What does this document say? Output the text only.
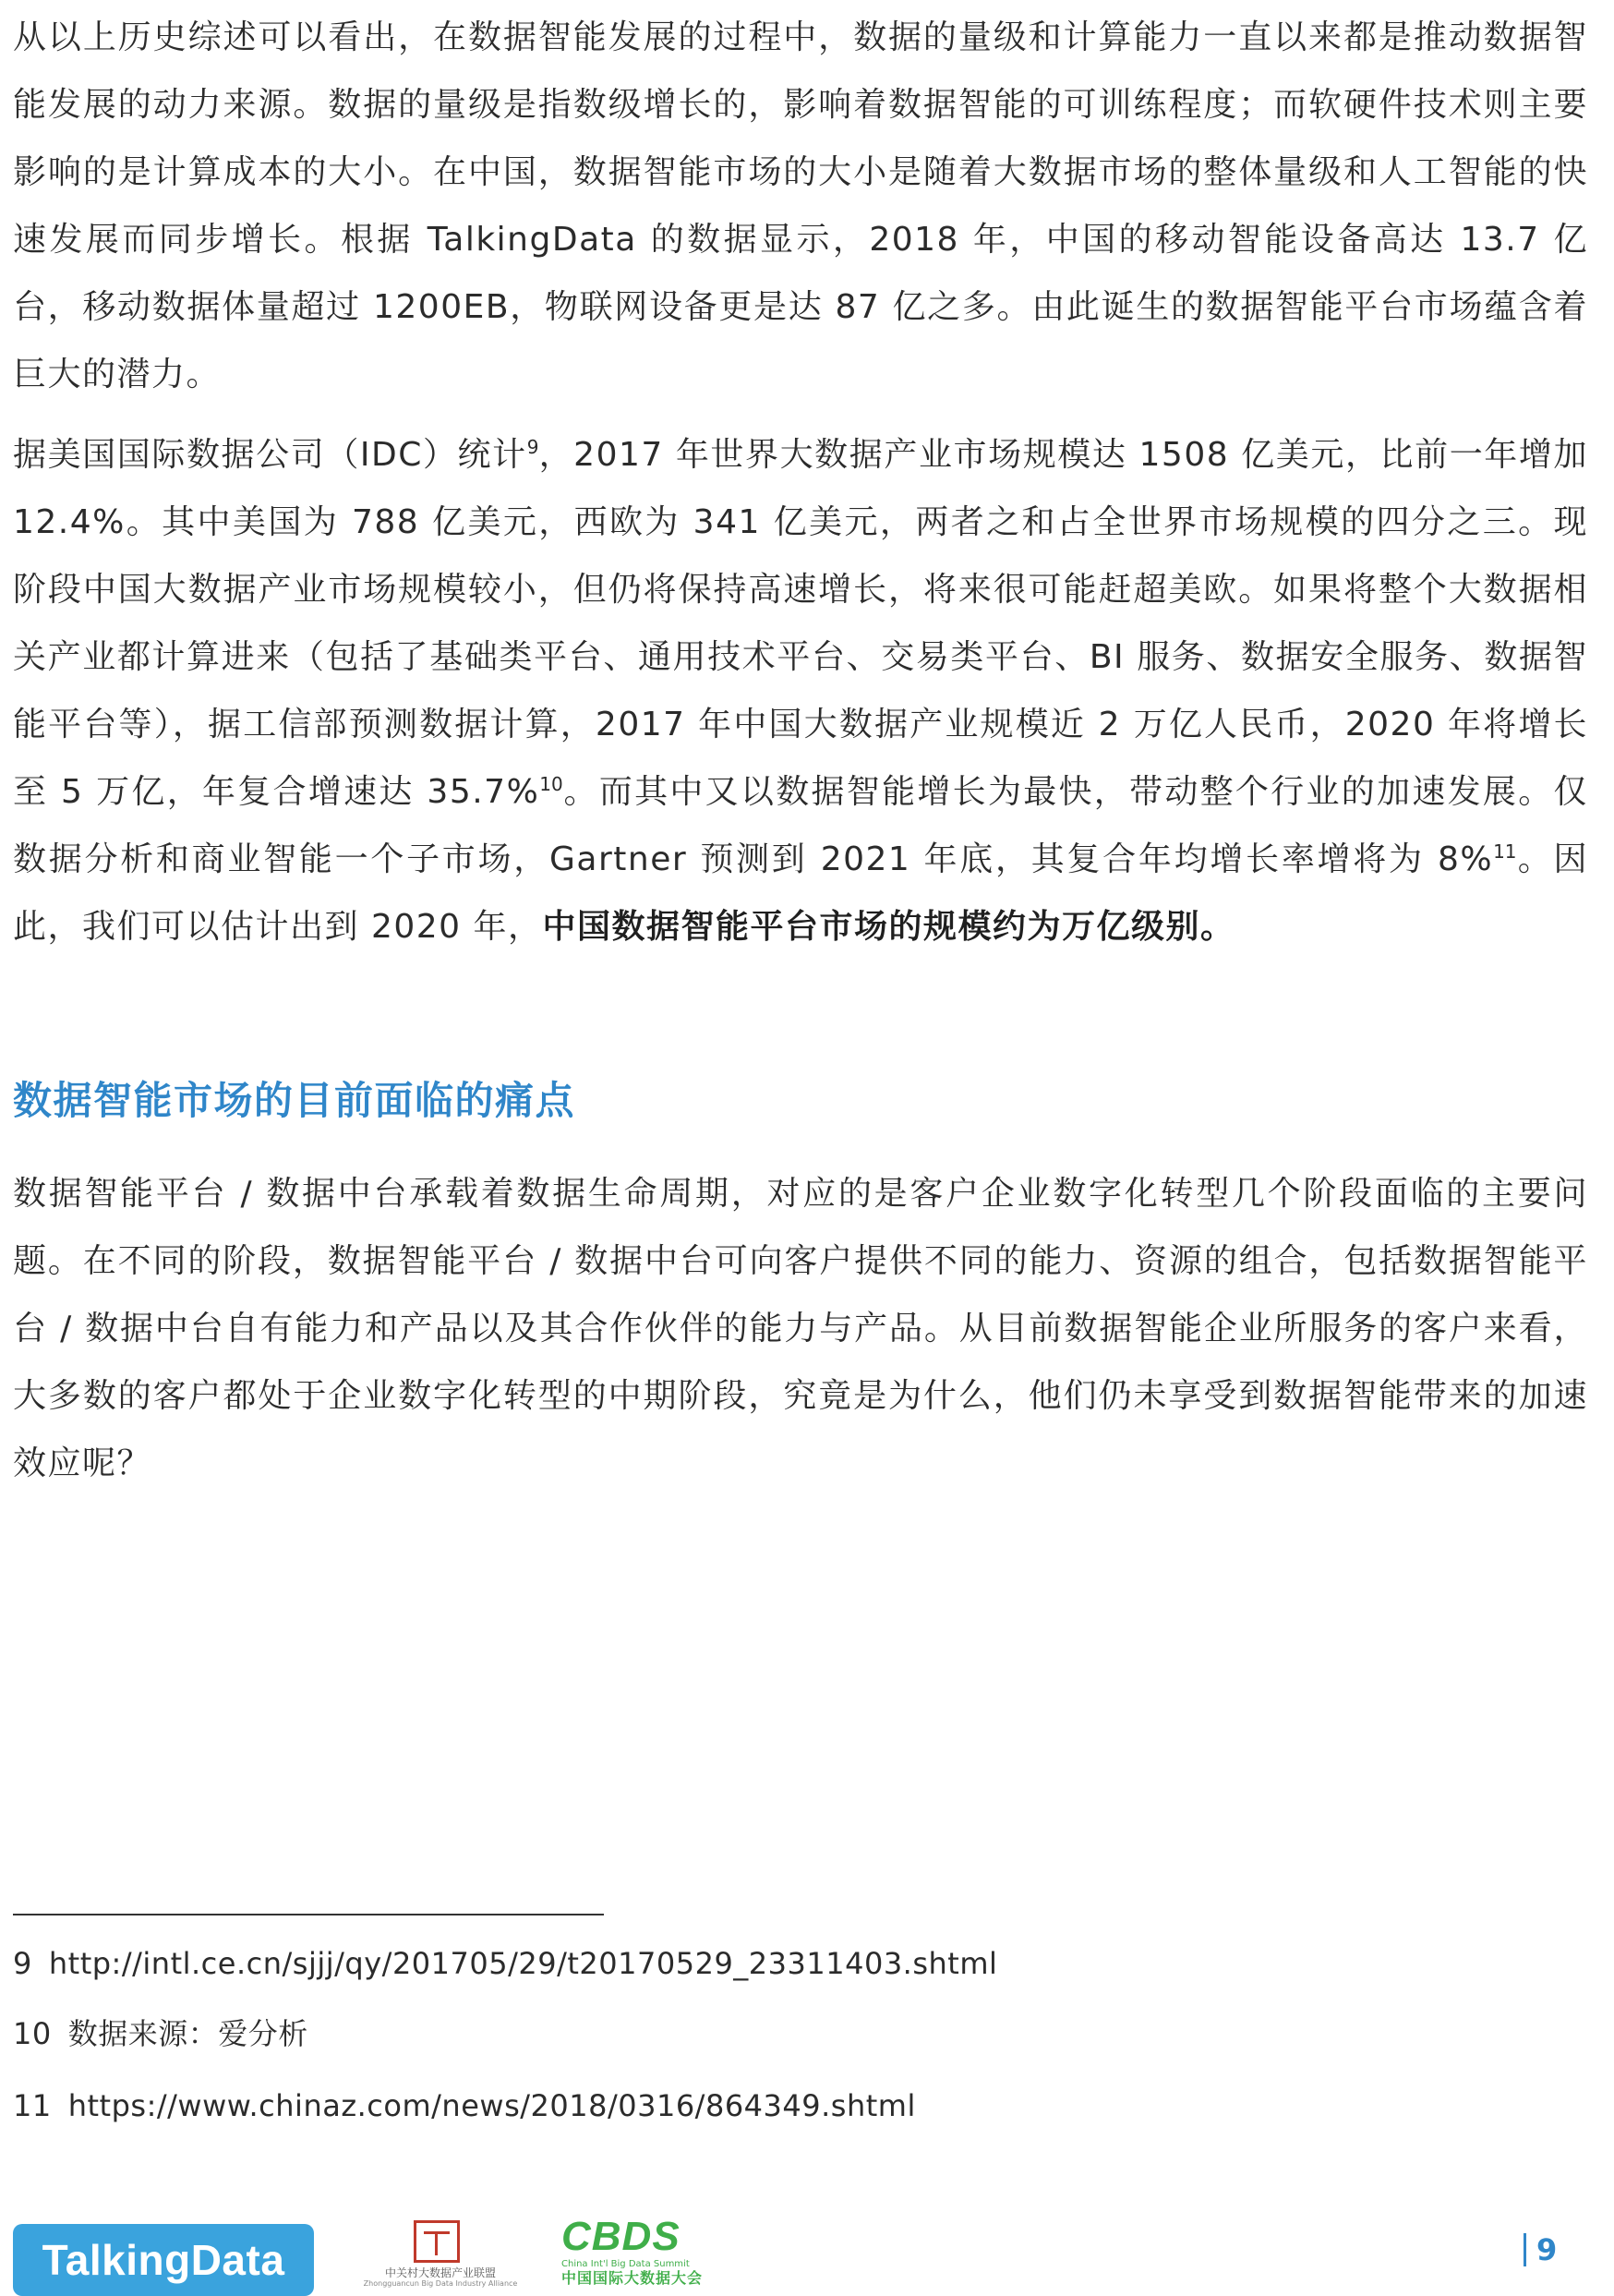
从以上历史综述可以看出，在数据智能发展的过程中，数据的量级和计算能力一直以来都是推动数据智能发展的动力来源。数据的量级是指数级增长的，影响着数据智能的可训练程度；而软硬件技术则主要影响的是计算成本的大小。在中国，数据智能市场的大小是随着大数据市场的整体量级和人工智能的快速发展而同步增长。根据 TalkingData 的数据显示，2018 年，中国的移动智能设备高达 13.7 亿台，移动数据体量超过 1200EB，物联网设备更是达 87 亿之多。由此诞生的数据智能平台市场蕴含着巨大的潜力。

据美国国际数据公司（IDC）统计$^9$，2017 年世界大数据产业市场规模达 1508 亿美元，比前一年增加 12.4%。其中美国为 788 亿美元，西欧为 341 亿美元，两者之和占全世界市场规模的四分之三。现阶段中国大数据产业市场规模较小，但仍将保持高速增长，将来很可能赶超美欧。如果将整个大数据相关产业都计算进来（包括了基础类平台、通用技术平台、交易类平台、BI 服务、数据安全服务、数据智能平台等），据工信部预测数据计算，2017 年中国大数据产业规模近 2 万亿人民币，2020 年将增长至 5 万亿，年复合增速达 35.7%$^{10}$。而其中又以数据智能增长为最快，带动整个行业的加速发展。仅数据分析和商业智能一个子市场，Gartner 预测到 2021 年底，其复合年均增长率增将为 8%$^{11}$。因此，我们可以估计出到 2020 年，中国数据智能平台市场的规模约为万亿级别。

数据智能市场的目前面临的痛点

数据智能平台 / 数据中台承载着数据生命周期，对应的是客户企业数字化转型几个阶段面临的主要问题。在不同的阶段，数据智能平台 / 数据中台可向客户提供不同的能力、资源的组合，包括数据智能平台 / 数据中台自有能力和产品以及其合作伙伴的能力与产品。从目前数据智能企业所服务的客户来看，大多数的客户都处于企业数字化转型的中期阶段，究竟是为什么，他们仍未享受到数据智能带来的加速效应呢？

9 http://intl.ce.cn/sjjj/qy/201705/29/t20170529_23311403.shtml
10 数据来源：爱分析
11 https://www.chinaz.com/news/2018/0316/864349.shtml
TalkingData	中关村大数据产业联盟
Zhongguancun Big Data Industry Alliance
CBDS
China Int'l Big Data Summit
中国国际大数据大会
9
